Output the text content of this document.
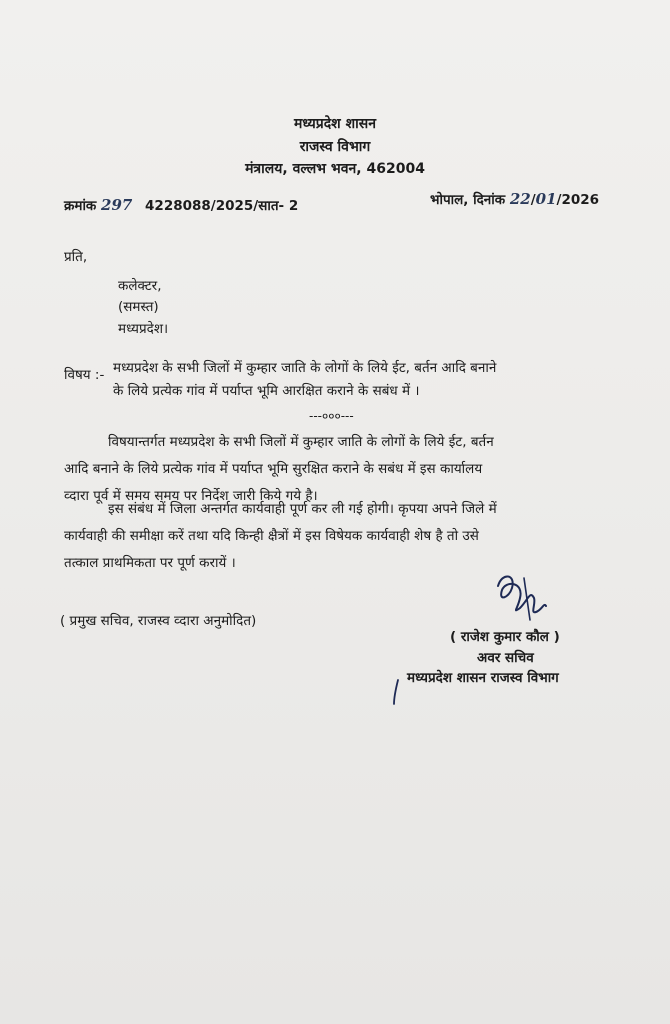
मध्यप्रदेश शासन
राजस्व विभाग
मंत्रालय, वल्लभ भवन, 462004
क्रमांक 297 4228088/2025/सात- 2	भोपाल, दिनांक 22/01/2026
प्रति,
कलेक्टर,
(समस्त)
मध्यप्रदेश।
विषय :- मध्यप्रदेश के सभी जिलों में कुम्हार जाति के लोगों के लिये ईट, बर्तन आदि बनाने
के लिये प्रत्येक गांव में पर्याप्त भूमि आरक्षित कराने के सबंध में ।
---०००---
विषयान्तर्गत मध्यप्रदेश के सभी जिलों में कुम्हार जाति के लोगों के लिये ईट, बर्तन
आदि बनाने के लिये प्रत्येक गांव में पर्याप्त भूमि सुरक्षित कराने के सबंध में इस कार्यालय
व्दारा पूर्व में समय समय पर निर्देश जारी किये गये है।
इस संबंध में जिला अन्तर्गत कार्यवाही पूर्ण कर ली गई होगी। कृपया अपने जिले में
कार्यवाही की समीक्षा करें तथा यदि किन्ही क्षैत्रों में इस विषेयक कार्यवाही शेष है तो उसे
तत्काल प्राथमिकता पर पूर्ण करायें ।
( प्रमुख सचिव, राजस्व व्दारा अनुमोदित)
( राजेश कुमार कौल )
अवर सचिव
मध्यप्रदेश शासन राजस्व विभाग
